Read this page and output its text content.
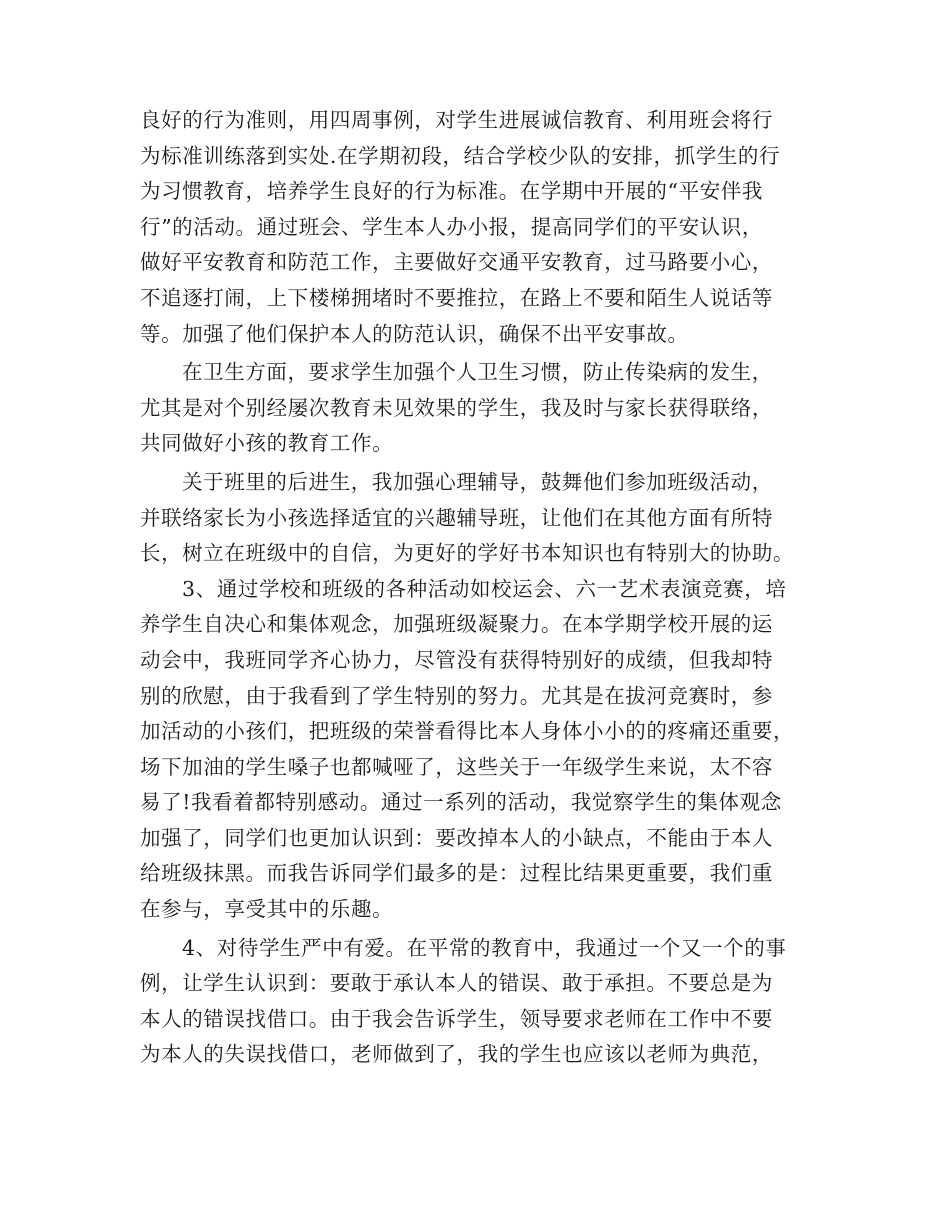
良好的行为准则，用四周事例，对学生进展诚信教育、利用班会将行
为标准训练落到实处.在学期初段，结合学校少队的安排，抓学生的行
为习惯教育，培养学生良好的行为标准。在学期中开展的“平安伴我
行”的活动。通过班会、学生本人办小报，提高同学们的平安认识，
做好平安教育和防范工作，主要做好交通平安教育，过马路要小心，
不追逐打闹，上下楼梯拥堵时不要推拉，在路上不要和陌生人说话等
等。加强了他们保护本人的防范认识，确保不出平安事故。
在卫生方面，要求学生加强个人卫生习惯，防止传染病的发生，
尤其是对个别经屡次教育未见效果的学生，我及时与家长获得联络，
共同做好小孩的教育工作。
关于班里的后进生，我加强心理辅导，鼓舞他们参加班级活动，
并联络家长为小孩选择适宜的兴趣辅导班，让他们在其他方面有所特
长，树立在班级中的自信，为更好的学好书本知识也有特别大的协助。
3、通过学校和班级的各种活动如校运会、六一艺术表演竞赛，培
养学生自决心和集体观念，加强班级凝聚力。在本学期学校开展的运
动会中，我班同学齐心协力，尽管没有获得特别好的成绩，但我却特
别的欣慰，由于我看到了学生特别的努力。尤其是在拔河竞赛时，参
加活动的小孩们，把班级的荣誉看得比本人身体小小的的疼痛还重要，
场下加油的学生嗓子也都喊哑了，这些关于一年级学生来说，太不容
易了!我看着都特别感动。通过一系列的活动，我觉察学生的集体观念
加强了，同学们也更加认识到：要改掉本人的小缺点，不能由于本人
给班级抹黑。而我告诉同学们最多的是：过程比结果更重要，我们重
在参与，享受其中的乐趣。
4、对待学生严中有爱。在平常的教育中，我通过一个又一个的事
例，让学生认识到：要敢于承认本人的错误、敢于承担。不要总是为
本人的错误找借口。由于我会告诉学生，领导要求老师在工作中不要
为本人的失误找借口，老师做到了，我的学生也应该以老师为典范，
